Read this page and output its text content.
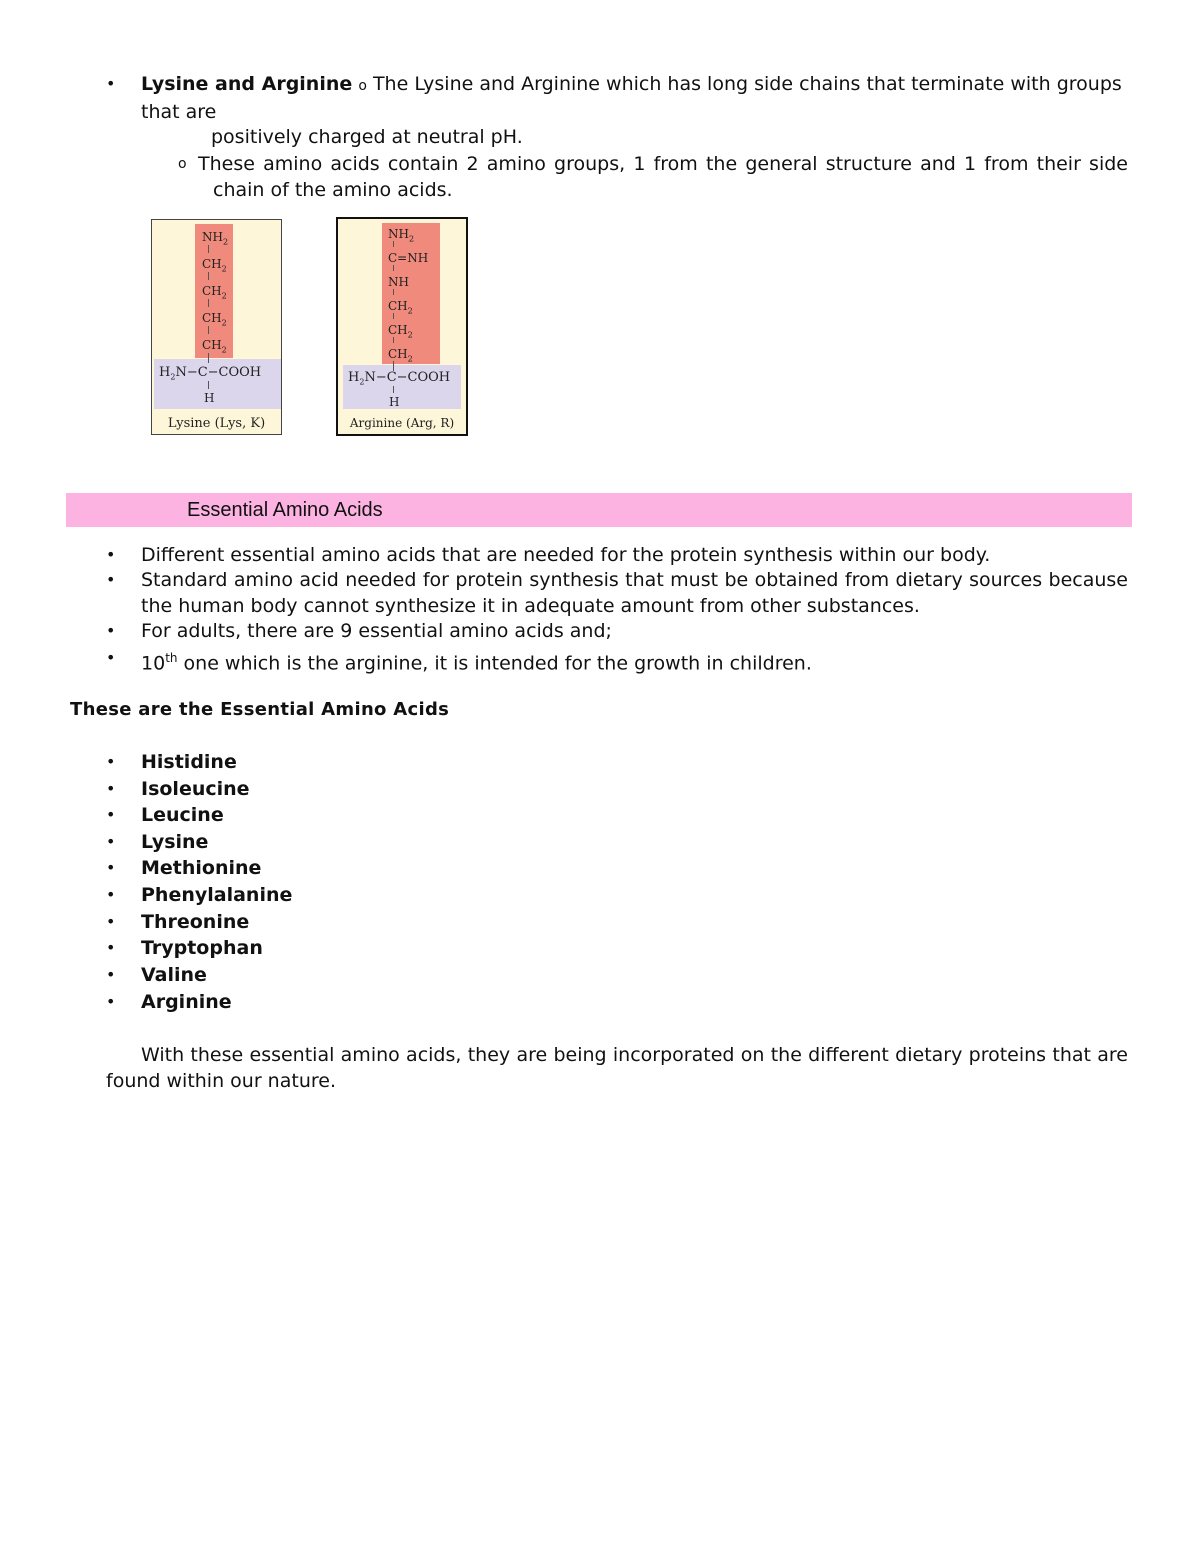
• Lysine and Arginine o The Lysine and Arginine which has long side chains that terminate with groups
that are
positively charged at neutral pH.
o These amino acids contain 2 amino groups, 1 from the general structure and 1 from their side
chain of the amino acids.
$NH_2$
$CH_2$
$CH_2$
$CH_2$
$CH_2$
$H_2N-C-COOH$
H
Lysine (Lys, K)
$NH_2$
C=NH
NH
$CH_2$
$CH_2$
$CH_2$
$H_2N-C-COOH$
H
Arginine (Arg, R)
Essential Amino Acids
• Different essential amino acids that are needed for the protein synthesis within our body.
• Standard amino acid needed for protein synthesis that must be obtained from dietary sources because
the human body cannot synthesize it in adequate amount from other substances.
• For adults, there are 9 essential amino acids and;
• 10th one which is the arginine, it is intended for the growth in children.
These are the Essential Amino Acids
• Histidine
• Isoleucine
• Leucine
• Lysine
• Methionine
• Phenylalanine
• Threonine
• Tryptophan
• Valine
• Arginine
With these essential amino acids, they are being incorporated on the different dietary proteins that are
found within our nature.
